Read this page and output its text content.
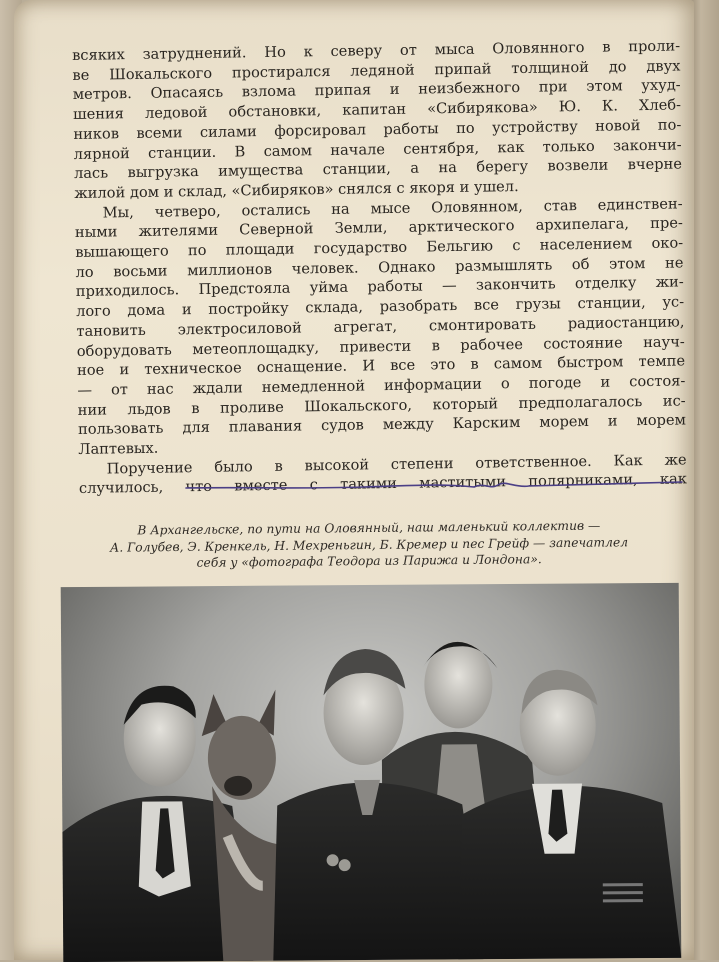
всяких затруднений. Но к северу от мыса Оловянного в проли-
ве Шокальского простирался ледяной припай толщиной до двух
метров. Опасаясь взлома припая и неизбежного при этом ухуд-
шения ледовой обстановки, капитан «Сибирякова» Ю. К. Хлеб-
ников всеми силами форсировал работы по устройству новой по-
лярной станции. В самом начале сентября, как только закончи-
лась выгрузка имущества станции, а на берегу возвели вчерне
жилой дом и склад, «Сибиряков» снялся с якоря и ушел.

Мы, четверо, остались на мысе Оловянном, став единствен-
ными жителями Северной Земли, арктического архипелага, пре-
вышающего по площади государство Бельгию с населением око-
ло восьми миллионов человек. Однако размышлять об этом не
приходилось. Предстояла уйма работы — закончить отделку жи-
лого дома и постройку склада, разобрать все грузы станции, ус-
тановить электросиловой агрегат, смонтировать радиостанцию,
оборудовать метеоплощадку, привести в рабочее состояние науч-
ное и техническое оснащение. И все это в самом быстром темпе
— от нас ждали немедленной информации о погоде и состоя-
нии льдов в проливе Шокальского, который предполагалось ис-
пользовать для плавания судов между Карским морем и морем
Лаптевых.

Поручение было в высокой степени ответственное. Как же
случилось, что вместе с такими маститыми полярниками, как

В Архангельске, по пути на Оловянный, наш маленький коллектив —
А. Голубев, Э. Кренкель, Н. Мехреньгин, Б. Кремер и пес Грейф — запечатлел
себя у «фотографа Теодора из Парижа и Лондона».
